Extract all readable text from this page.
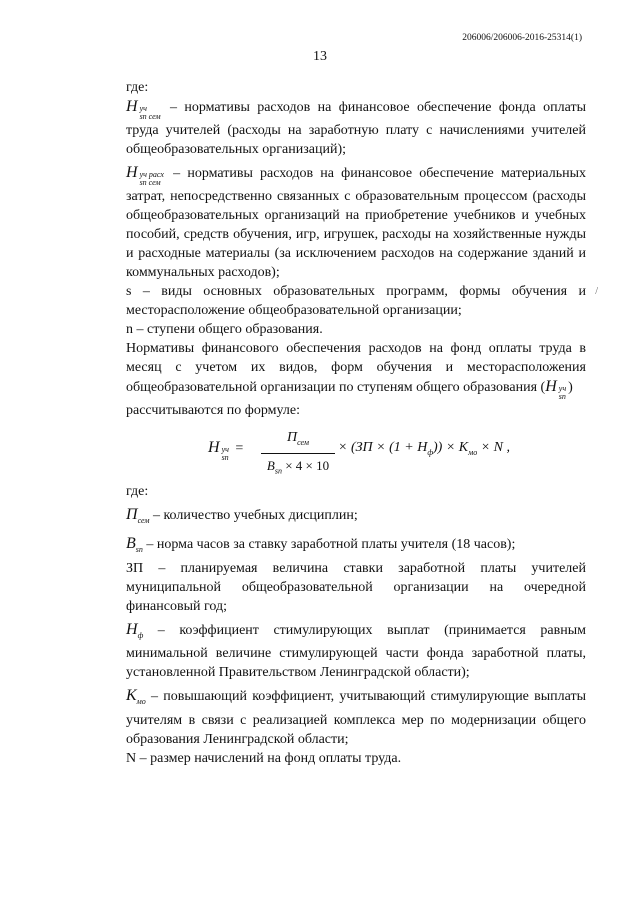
206006/206006-2016-25314(1)
13
/

где:

Н уч
sn сем
– нормативы расходов на финансовое обеспечение фонда оплаты труда учителей (расходы на заработную плату с начислениями учителей общеобразовательных организаций);

Н уч расх
sn сем
– нормативы расходов на финансовое обеспечение материальных затрат, непосредственно связанных с образовательным процессом (расходы общеобразовательных организаций на приобретение учебников и учебных пособий, средств обучения, игр, игрушек, расходы на хозяйственные нужды и расходные материалы (за исключением расходов на содержание зданий и коммунальных расходов);

s – виды основных образовательных программ, формы обучения и месторасположение общеобразовательной организации;

n – ступени общего образования.

Нормативы финансового обеспечения расходов на фонд оплаты труда в месяц с учетом их видов, форм обучения и месторасположения общеобразовательной организации по ступеням общего образования (Н уч
sn
)

рассчитываются по формуле:

Н уч
sn
=
$П_{сем}$
$В_{sn} \times 4 \times 10$
× $(ЗП \times (1 + Н_ф)) \times К_{мо} \times N$ ,

где:

$П_{сем}$ – количество учебных дисциплин;

$В_{sn}$ – норма часов за ставку заработной платы учителя (18 часов);

ЗП – планируемая величина ставки заработной платы учителей муниципальной общеобразовательной организации на очередной финансовый год;

$Н_ф$ – коэффициент стимулирующих выплат (принимается равным минимальной величине стимулирующей части фонда заработной платы, установленной Правительством Ленинградской области);

$К_{мо}$ – повышающий коэффициент, учитывающий стимулирующие выплаты учителям в связи с реализацией комплекса мер по модернизации общего образования Ленинградской области;

N – размер начислений на фонд оплаты труда.
